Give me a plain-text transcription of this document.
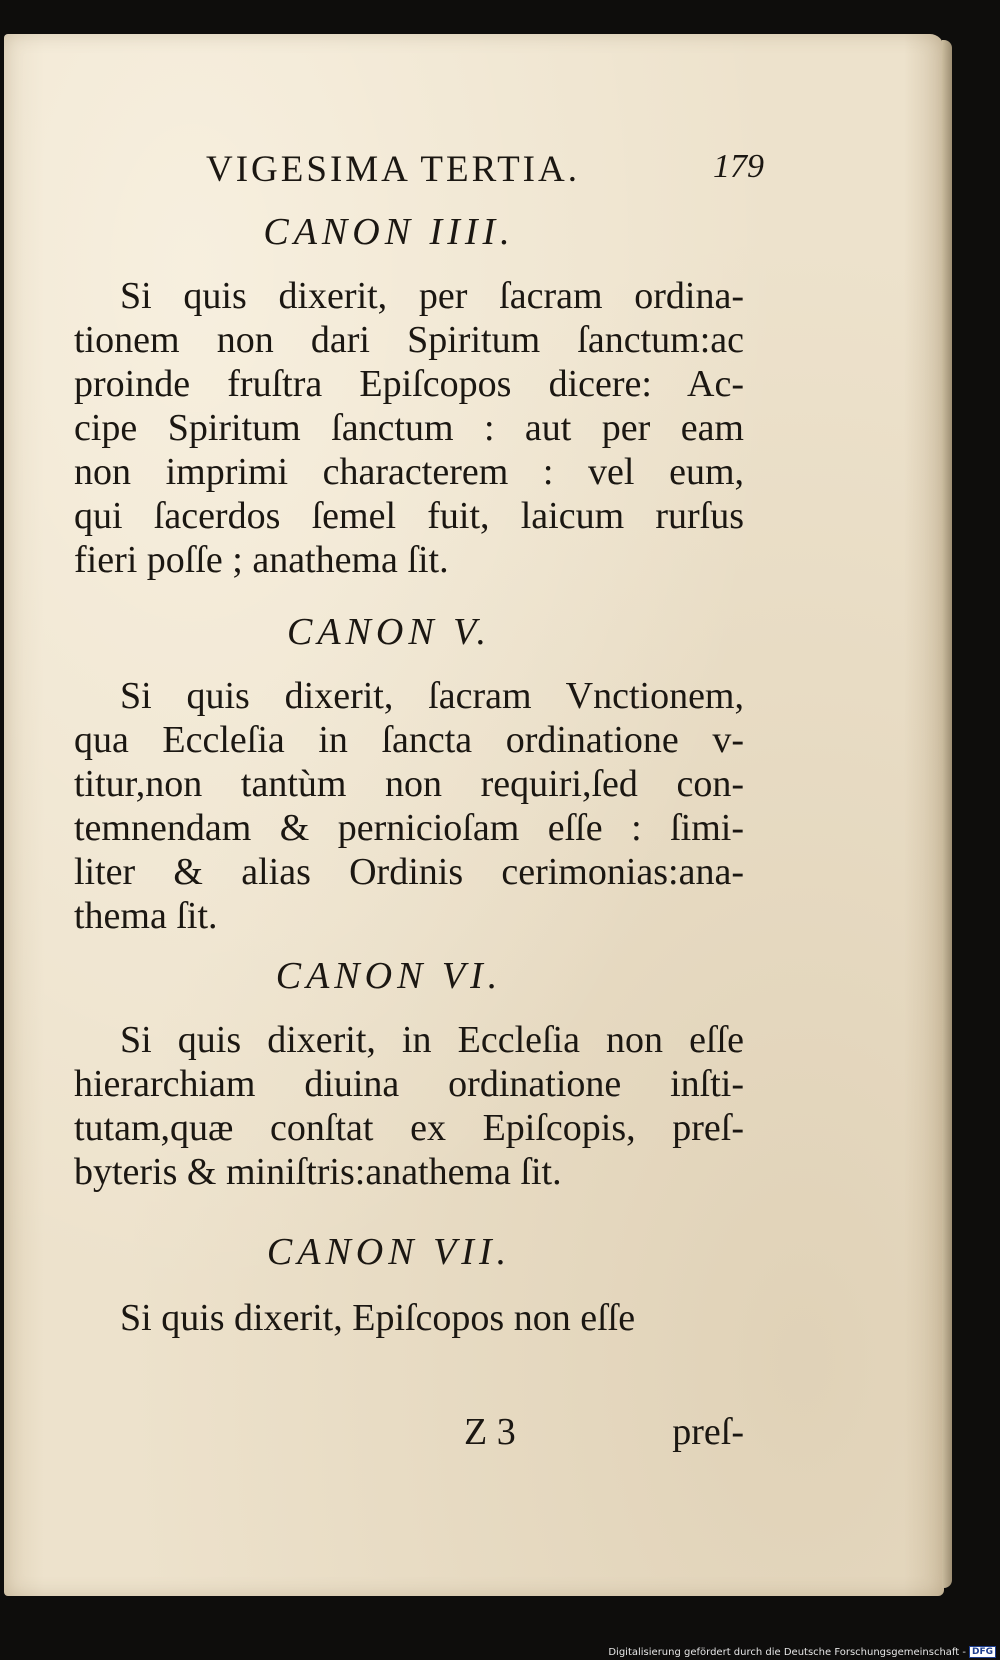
VIGESIMA TERTIA.	179
CANON IIII.
Si quis dixerit, per ſacram ordina-
tionem non dari Spiritum ſanctum:ac
proinde fruſtra Epiſcopos dicere: Ac-
cipe Spiritum ſanctum : aut per eam
non imprimi characterem : vel eum,
qui ſacerdos ſemel fuit, laicum rurſus
fieri poſſe ; anathema ſit.
CANON V.
Si quis dixerit, ſacram Vnctionem,
qua Eccleſia in ſancta ordinatione v-
titur,non tantùm non requiri,ſed con-
temnendam & pernicioſam eſſe : ſimi-
liter & alias Ordinis cerimonias:ana-
thema ſit.
CANON VI.
Si quis dixerit, in Eccleſia non eſſe
hierarchiam diuina ordinatione inſti-
tutam,quæ conſtat ex Epiſcopis, preſ-
byteris & miniſtris:anathema ſit.
CANON VII.
Si quis dixerit, Epiſcopos non eſſe
Z 3	preſ-
Digitalisierung gefördert durch die Deutsche Forschungsgemeinschaft - DFG
